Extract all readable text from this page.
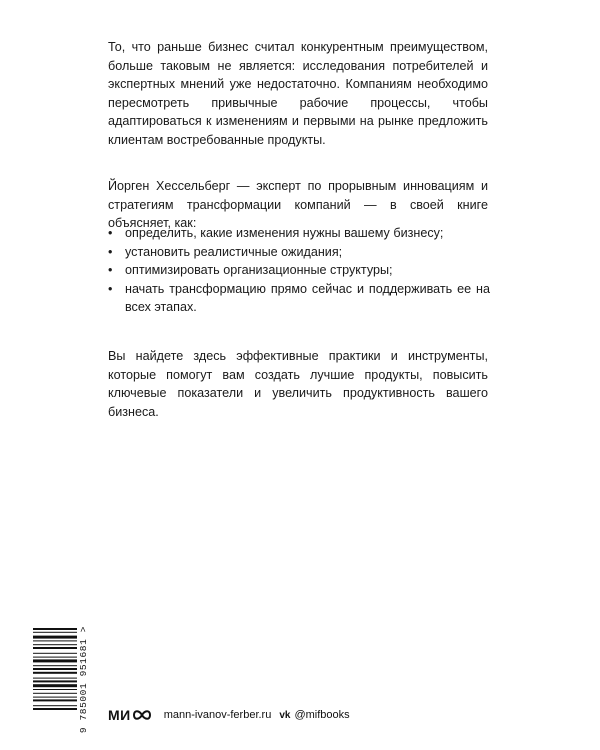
То, что раньше бизнес считал конкурентным преимуществом, больше таковым не является: исследования потребителей и экспертных мнений уже недостаточно. Компаниям необходимо пересмотреть привычные рабочие процессы, чтобы адаптироваться к изменениям и первыми на рынке предложить клиентам востребованные продукты.
Йорген Хессельберг — эксперт по прорывным инновациям и стратегиям трансформации компаний — в своей книге объясняет, как:
• определить, какие изменения нужны вашему бизнесу;
• установить реалистичные ожидания;
• оптимизировать организационные структуры;
• начать трансформацию прямо сейчас и поддерживать ее на всех этапах.
Вы найдете здесь эффективные практики и инструменты, которые помогут вам создать лучшие продукты, повысить ключевые показатели и увеличить продуктивность вашего бизнеса.
9 785001 951681 > МИ	mann-ivanov-ferber.ru vk @mifbooks
